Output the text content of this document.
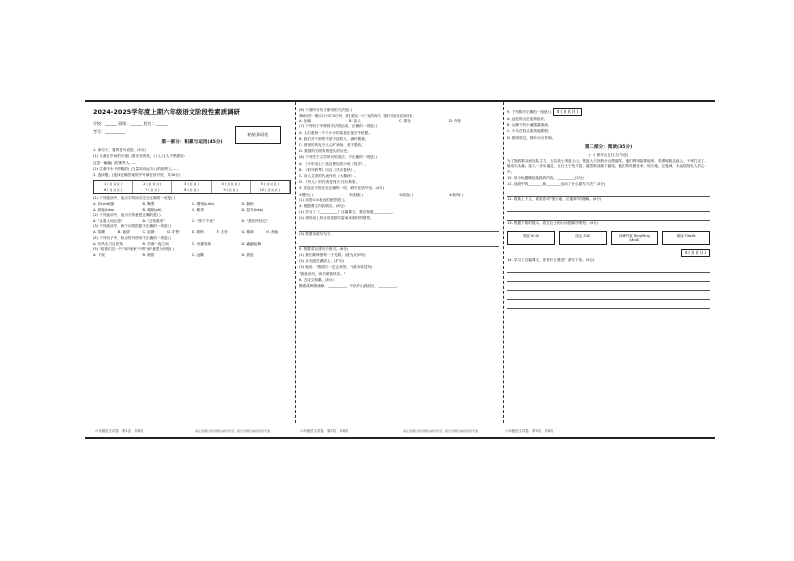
2024-2025学年度上期六年级语文阶段性素质调研
学校：______ 班级：______ 姓名：______
考号：__________
第一部分：积累与运用(45分)

1. 读句子，看拼音写词语。(4分)

(1) 儿童在乡间的小道( )着光亮的鱼，( )上,让人不禁感叹:

这是一幅幅( )的那些人......

(2) 生命中永不停歇的( )力量奔向远方( )的那些人......

2. 选择题。(选择正确答案的序号填在括号里，共16分)

1 ( )( )( )( )	2 ( )( )( )( )	3 ( )( )( )	4 ( )( )( )( )	5 ( )( )( )( )
6 ( )( )( )( )	7 ( )( )( )	8 ( )( )( )	9 ( )( )( )	10 ( )( )( )( )

(1) 下列选项中，加点字的读音完全正确的一项是( )

A. 折(zhé)腰	B. 黝黑	C. 镌刻(juān)	D. 脂粉
A. 窈窕(tiǎo)	B. 哽咽(yè)	C. 毗邻	D. 怒号(háo)

(2) 下列选项中，加点字的意思正确的是( )

A. "且看人间正道"	B. "且待重来"	C. "按下不表"	D. "我们所经过"

(3) 下列选项中，两个词语搭配不正确的一项是( )

A. 蒸腾	B. 遥望	C. 寂静	D. 旷野	E. 树梢	F. 古朴	G. 精神	H. 渔船

(4) 下列句子中，标点符号使用不正确的一项是( )

A. 东风无力百花残	B. 仿佛一夜之间	C. 有趣有味	D. 翩翩起舞

(5) "给我们这一片"和"画家"中的"画"意思分别是( )

A. 下视	B. 倒影	C. 远眺	D. 游览
粘贴条码处

(6) 下面所写句子使用的方法是( )

海峡两岸一隅区22小时30分钟，我们眼前一片广阔的海洋，随时可能有浪涛到来。

A. 比喻	B. 拟人	C. 排比	D. 夸张

(7) 下列句子中修辞手法的运用，正确的一项是( )

A. 人们看到一个个小小的星星在夜空中眨眼。

B. 我们对于那些不屈不挠的人，满怀敬意。

C. 那里的风光令人心旷神怡，美不胜收。

D. 我国的文明有着悠久的历史。

(8) 下列关于文学常识的说法，不正确的一项是( )

A. 《少年闰土》选自鲁迅的小说《故乡》。

B. 《伯牙鼓琴》出自《吕氏春秋》。

C. 诗人艾青的代表作有《大堰河》。

D. 《穷人》的作者是列夫·托尔斯泰。

3. 先选出字形完全正确的一项，填写在括号里。(4分)

①糖火( )	②扰郁( )	③焙烧( )	④裁判( )

(1) 词语①②表达的意思是( )。

4. 根据课文内容填空。(8分)

(1) 学习了《__________》这篇课文，我们知道__________。

(2) 请你用上四字词语描写雷雨来临时的情景。

(3) 按要求改写句子。

5. 按要求完成句子练习。(8分)

(1) 我们要珍惜每一寸光阴。(改为反问句)

(2) 月光照在湖面上。(扩句)

(3) 他说："我明天一定会来的。"(改为转述句)

"我爱读书，读书使我快乐。"

6. 古诗文积累。(8分)

横看成岭侧成峰，__________。不识庐山真面目，__________。

9. 下列排序正确的一组是( ) 4 ( )( )( )( )

A. 远处的山峦连绵起伏。

B. 山脚下的小溪潺潺流淌。

C. 小鸟在枝头欢快地歌唱。

D. 微风吹过，树叶沙沙作响。

第二部分：阅读(35分)

(一) 狼牙山五壮士(节选)

为了挽救群众和连队主力，五位战士诱敌上山，把敌人引向狼牙山棋盘陀。他们利用险要地形，英勇地阻击敌人。子弹打完了，就用石头砸。敌人一步步逼近，五壮士宁死不屈，毅然纵身跳下悬崖。他们的英雄壮举，惊天地，泣鬼神，永远铭刻在人们心中。

10. 用小标题概括选段的内容。__________(2分)

11. 选段中的________和________运用了什么描写方法？(3分)

12. 联系上下文，说说你对"惊天地，泣鬼神"的理解。(4分)

13. 根据下面的提示，将五壮士的行动按顺序排列。(4分)

诱敌 Yú Dí	阻击 ZǔJī	顶峰歼敌 DǐngFēng JiānDí
跳崖 TiàoYá

4 ( )( )( )( )

14. 学习了这篇课文，你有什么感受？请写下来。(5分)

六年级语文试卷　第1页　共6页	请在各题目的答题区域内作答，超出答题区域的答案无效	六年级语文试卷　第2页　共6页	请在各题目的答题区域内作答，超出答题区域的答案无效	六年级语文试卷　第3页　共6页
